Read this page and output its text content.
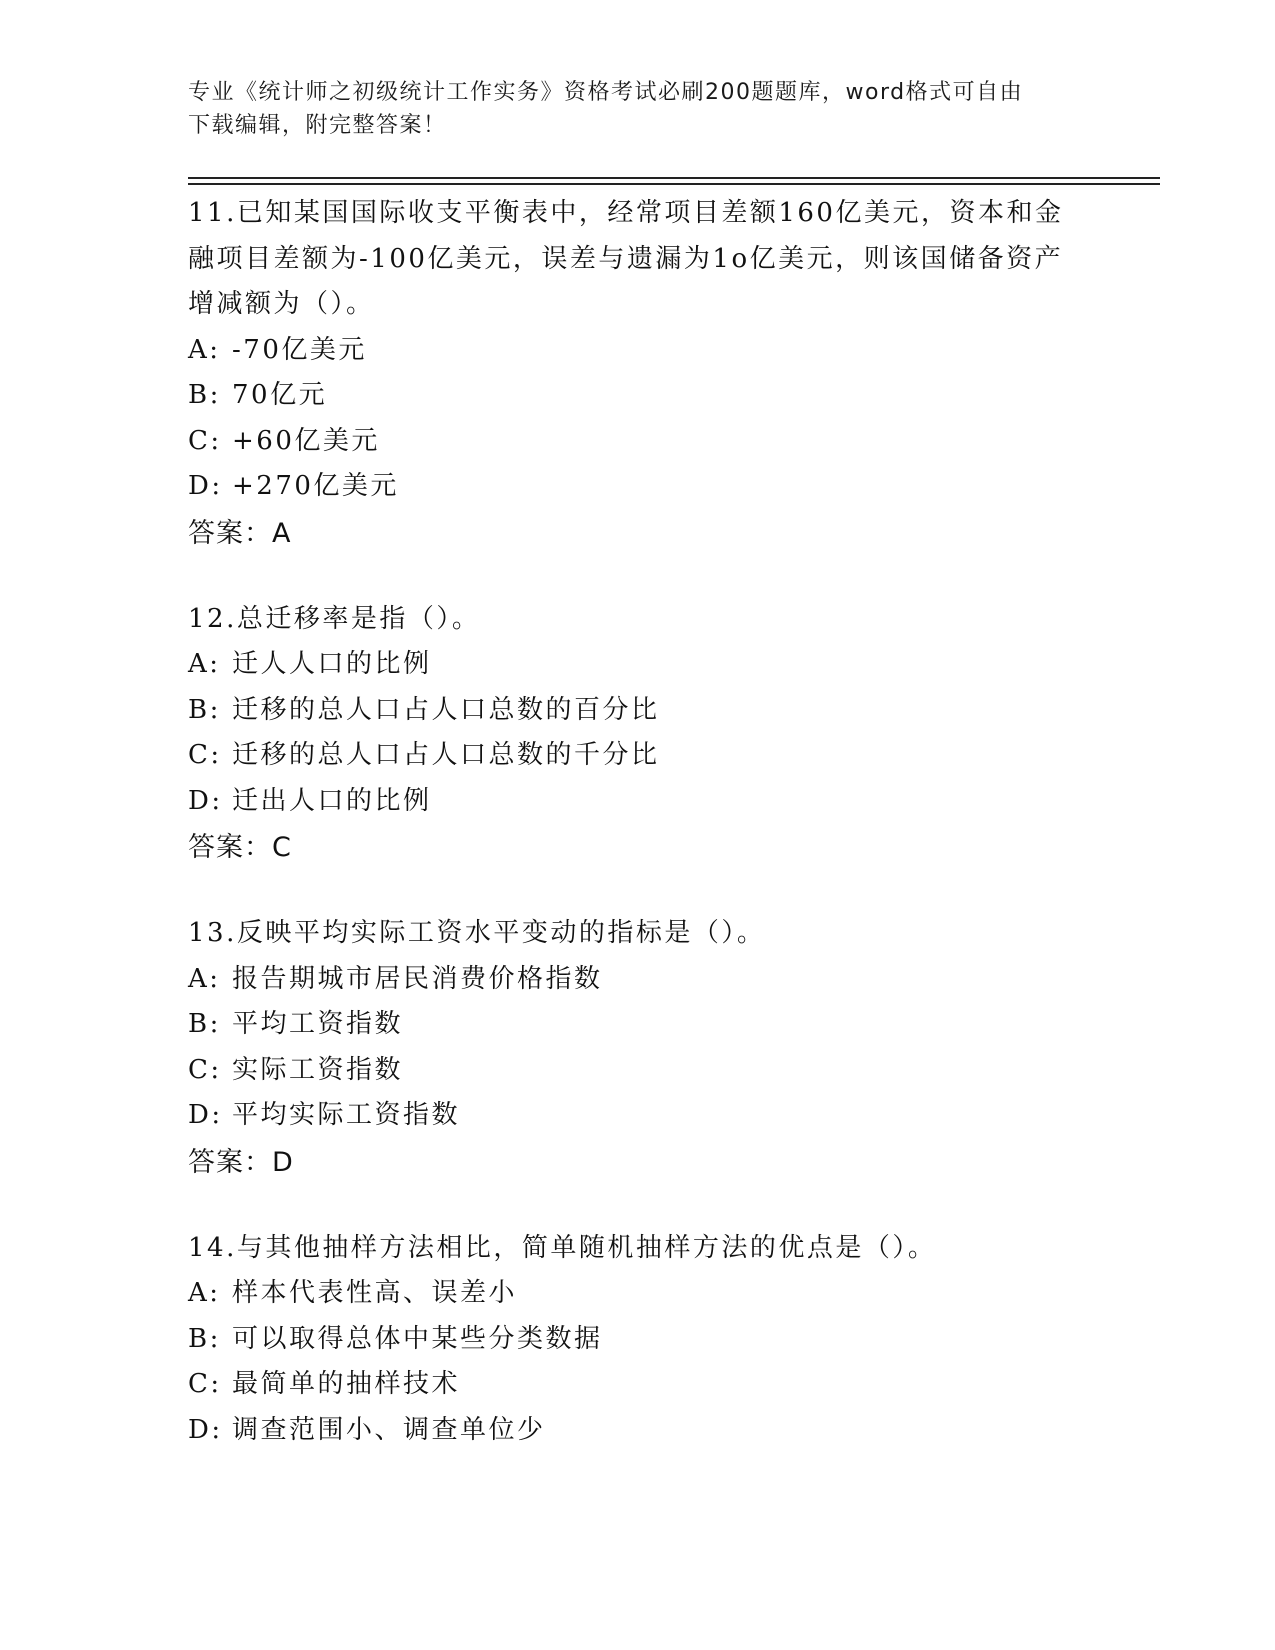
专业《统计师之初级统计工作实务》资格考试必刷200题题库，word格式可自由
下载编辑，附完整答案！

11.已知某国国际收支平衡表中，经常项目差额160亿美元，资本和金融项目差额为-100亿美元，误差与遗漏为1o亿美元，则该国储备资产增减额为（）。

A: -70亿美元
B: 70亿元
C: +60亿美元
D: +270亿美元

答案：A

12.总迁移率是指（）。

A: 迁人人口的比例
B: 迁移的总人口占人口总数的百分比
C: 迁移的总人口占人口总数的千分比
D: 迁出人口的比例

答案：C

13.反映平均实际工资水平变动的指标是（）。

A: 报告期城市居民消费价格指数
B: 平均工资指数
C: 实际工资指数
D: 平均实际工资指数

答案：D

14.与其他抽样方法相比，简单随机抽样方法的优点是（）。

A: 样本代表性高、误差小
B: 可以取得总体中某些分类数据
C: 最简单的抽样技术
D: 调查范围小、调查单位少
